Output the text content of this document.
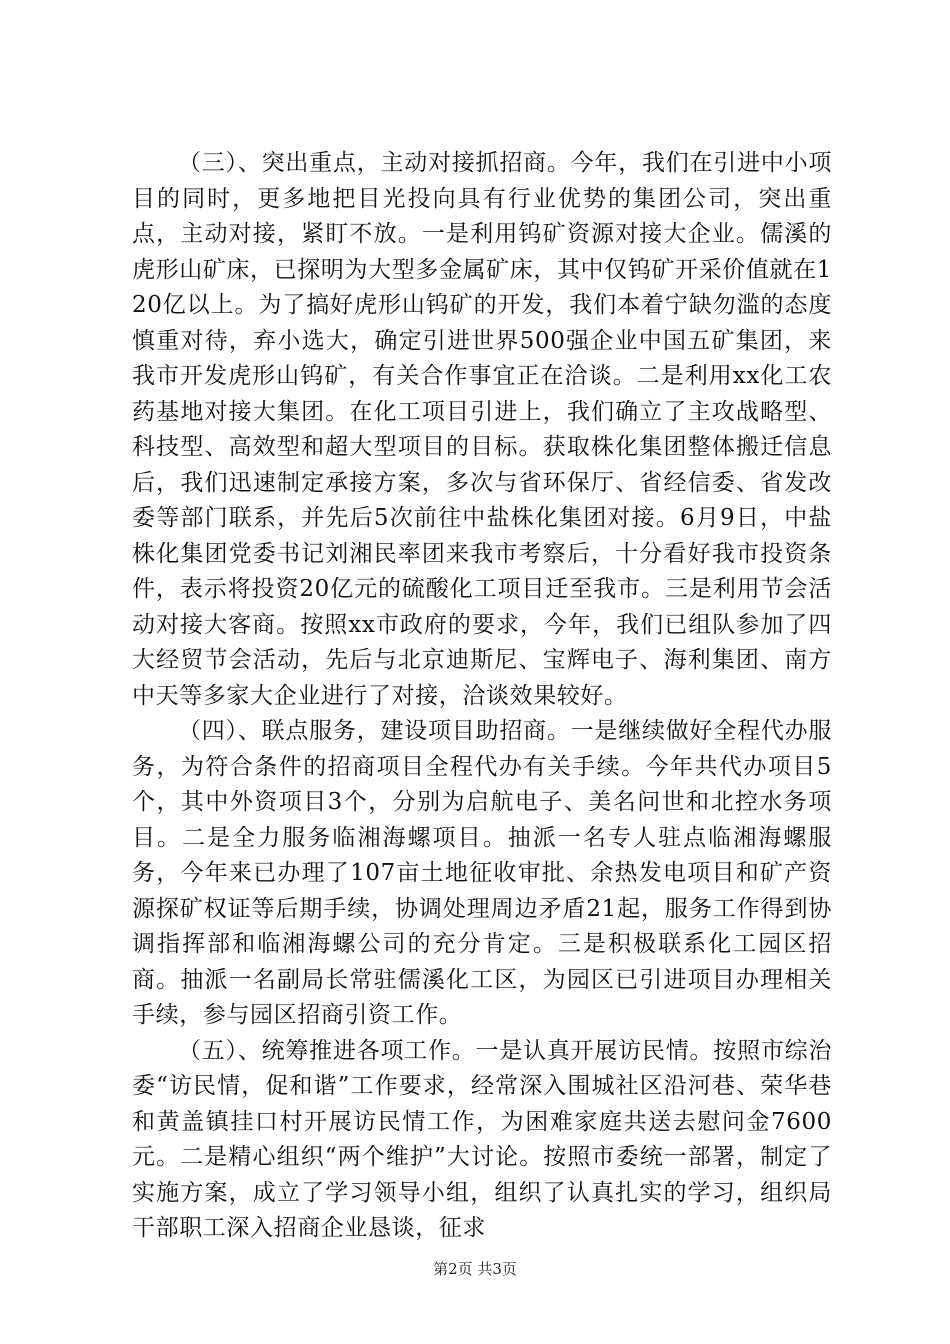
（三）、突出重点，主动对接抓招商。今年，我们在引进中小项目的同时，更多地把目光投向具有行业优势的集团公司，突出重点，主动对接，紧盯不放。一是利用钨矿资源对接大企业。儒溪的虎形山矿床，已探明为大型多金属矿床，其中仅钨矿开采价值就在120亿以上。为了搞好虎形山钨矿的开发，我们本着宁缺勿滥的态度慎重对待，弃小选大，确定引进世界500强企业中国五矿集团，来我市开发虎形山钨矿，有关合作事宜正在洽谈。二是利用xx化工农药基地对接大集团。在化工项目引进上，我们确立了主攻战略型、科技型、高效型和超大型项目的目标。获取株化集团整体搬迁信息后，我们迅速制定承接方案，多次与省环保厅、省经信委、省发改委等部门联系，并先后5次前往中盐株化集团对接。6月9日，中盐株化集团党委书记刘湘民率团来我市考察后，十分看好我市投资条件，表示将投资20亿元的硫酸化工项目迁至我市。三是利用节会活动对接大客商。按照xx市政府的要求，今年，我们已组队参加了四大经贸节会活动，先后与北京迪斯尼、宝辉电子、海利集团、南方中天等多家大企业进行了对接，洽谈效果较好。

（四）、联点服务，建设项目助招商。一是继续做好全程代办服务，为符合条件的招商项目全程代办有关手续。今年共代办项目5个，其中外资项目3个，分别为启航电子、美名问世和北控水务项目。二是全力服务临湘海螺项目。抽派一名专人驻点临湘海螺服务，今年来已办理了107亩土地征收审批、余热发电项目和矿产资源探矿权证等后期手续，协调处理周边矛盾21起，服务工作得到协调指挥部和临湘海螺公司的充分肯定。三是积极联系化工园区招商。抽派一名副局长常驻儒溪化工区，为园区已引进项目办理相关手续，参与园区招商引资工作。

（五）、统筹推进各项工作。一是认真开展访民情。按照市综治委“访民情，促和谐”工作要求，经常深入围城社区沿河巷、荣华巷和黄盖镇挂口村开展访民情工作，为困难家庭共送去慰问金7600元。二是精心组织“两个维护”大讨论。按照市委统一部署，制定了实施方案，成立了学习领导小组，组织了认真扎实的学习，组织局干部职工深入招商企业恳谈，征求

第2页 共3页
